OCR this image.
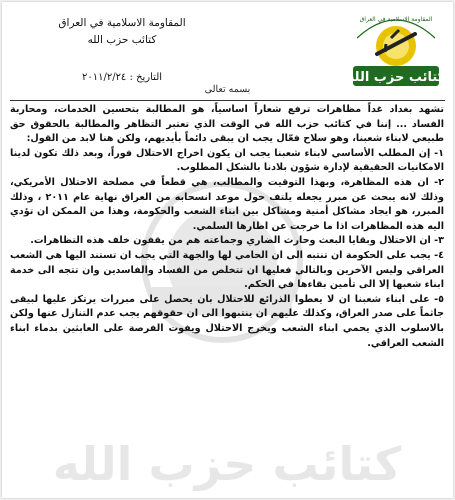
كتائب حزب الله
المقاومة الاسلامية في العراق
كتائب حزب الله
المقاومة الاسلامية في العراق
كتائب حزب الله
التاريخ : ٢٠١١/٢/٢٤
بسمه تعالى

تشهد بغداد غداً مظاهرات ترفع شعاراً اساسياً، هو المطالبة بتحسين الخدمات، ومحاربة الفساد ... إننا في كتائب حزب الله في الوقت الذي تعتبر التظاهر والمطالبة بالحقوق حق طبيعي لابناء شعبنا، وهو سلاح فعّال يجب ان يبقى دائماً بأيديهم، ولكن هنا لابد من القول:

١- إن المطلب الأساسي لابناء شعبنا يجب ان يكون اخراج الاحتلال فوراً، وبعد ذلك تكون لدينا الامكانيات الحقيقية لإدارة شؤون بلادنا بالشكل المطلوب.

٢- ان هذه المظاهرة، وبهذا التوقيت والمطالب، هي قطعاً في مصلحة الاحتلال الأمريكي، وذلك لانه يبحث عن مبرر يجعله يلتف حول موعد انسحابه من العراق نهاية عام ٢٠١١ ، وذلك المبرر، هو ايجاد مشاكل أمنية ومشاكل بين ابناء الشعب والحكومة، وهذا من الممكن ان تؤدي اليه هذه المظاهرات اذا ما خرجت عن اطارها السلمي.

٣- ان الاحتلال وبقايا البعث وحارث الضاري وجماعته هم من يقفون خلف هذه التظاهرات.

٤- يجب على الحكومة ان تنتبه الى ان الحامي لها والجهة التي يجب ان تستند اليها هي الشعب العراقي وليس الآخرين وبالتالي فعليها ان تتخلص من الفساد والفاسدين وان تتجه الى خدمة ابناء شعبها إلا الى تأمين بقاءها في الحكم.

٥- على ابناء شعبنا ان لا يعطوا الذرائع للاحتلال بان يحصل على مبررات يرتكز عليها لبيقى جاثماً على صدر العراق، وكذلك عليهم ان ينتبهوا الى ان حقوقهم يجب عدم التنازل عنها ولكن بالاسلوب الذي يحمي ابناء الشعب ويخرج الاحتلال ويفوت الفرصة على العابثين بدماء ابناء الشعب العراقي.
